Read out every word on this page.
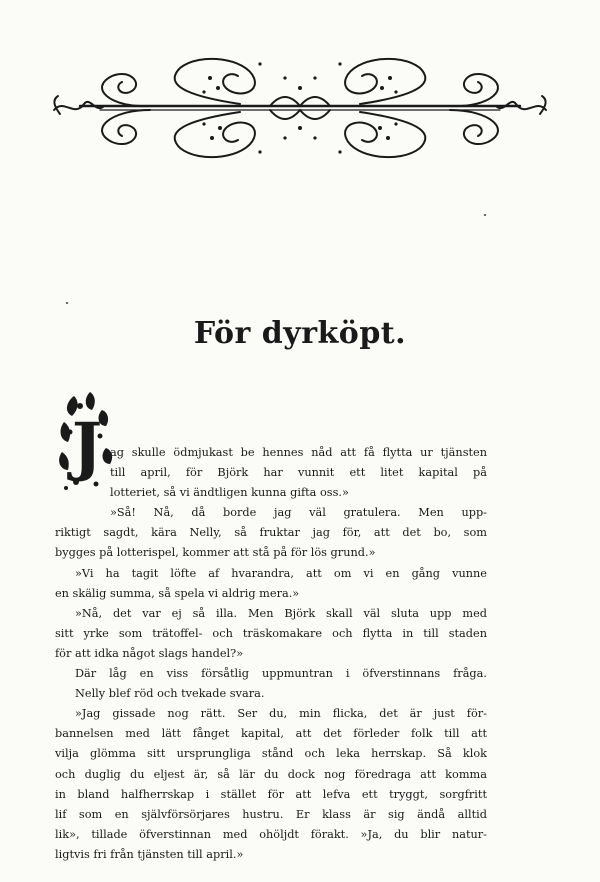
För dyrköpt.
J ag skulle ödmjukast be hennes nåd att få flytta ur tjänsten
till april, för Björk har vunnit ett litet kapital på
lotteriet, så vi ändtligen kunna gifta oss.»
»Så! Nå, då borde jag väl gratulera. Men upp-
riktigt sagdt, kära Nelly, så fruktar jag för, att det bo, som
bygges på lotterispel, kommer att stå på för lös grund.»
»Vi ha tagit löfte af hvarandra, att om vi en gång vunne
en skälig summa, så spela vi aldrig mera.»
»Nå, det var ej så illa. Men Björk skall väl sluta upp med
sitt yrke som trätoffel- och träskomakare och flytta in till staden
för att idka något slags handel?»
Där låg en viss försåtlig uppmuntran i öfverstinnans fråga.
Nelly blef röd och tvekade svara.
»Jag gissade nog rätt. Ser du, min flicka, det är just för-
bannelsen med lätt fånget kapital, att det förleder folk till att
vilja glömma sitt ursprungliga stånd och leka herrskap. Så klok
och duglig du eljest är, så lär du dock nog föredraga att komma
in bland halfherrskap i stället för att lefva ett tryggt, sorgfritt
lif som en självförsörjares hustru. Er klass är sig ändå alltid
lik», tillade öfverstinnan med ohöljdt förakt. »Ja, du blir natur-
ligtvis fri från tjänsten till april.»
